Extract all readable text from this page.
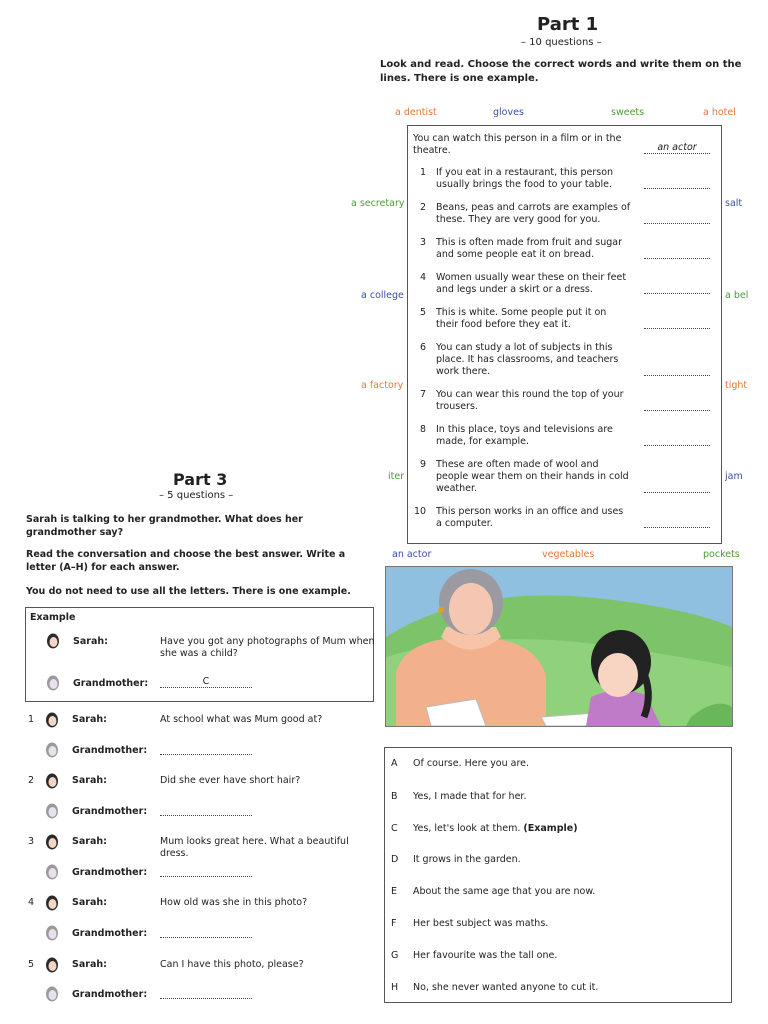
Part 1
– 10 questions –
Look and read. Choose the correct words and write them on the lines. There is one example.
a dentist	gloves	sweets	a hotel
a secretary
a college
a factory
iter
salt
a bel
tight
jam
an actor	vegetables	pockets
You can watch this person in a film or in the theatre.	an actor
1 If you eat in a restaurant, this person usually brings the food to your table.
2 Beans, peas and carrots are examples of these. They are very good for you.
3 This is often made from fruit and sugar and some people eat it on bread.
4 Women usually wear these on their feet and legs under a skirt or a dress.
5 This is white. Some people put it on their food before they eat it.
6 You can study a lot of subjects in this place. It has classrooms, and teachers work there.
7 You can wear this round the top of your trousers.
8 In this place, toys and televisions are made, for example.
9 These are often made of wool and people wear them on their hands in cold weather.
10 This person works in an office and uses a computer.
Part 3
– 5 questions –
Sarah is talking to her grandmother. What does her grandmother say?
Read the conversation and choose the best answer. Write a letter (A–H) for each answer.
You do not need to use all the letters. There is one example.
Example
Sarah:	Have you got any photographs of Mum when she was a child?
Grandmother:	C
1	Sarah:	At school what was Mum good at?
Grandmother:
2	Sarah:	Did she ever have short hair?
Grandmother:
3	Sarah:	Mum looks great here. What a beautiful dress.
Grandmother:
4	Sarah:	How old was she in this photo?
Grandmother:
5	Sarah:	Can I have this photo, please?
Grandmother:
A Of course. Here you are.
B Yes, I made that for her.
C Yes, let's look at them. (Example)
D It grows in the garden.
E About the same age that you are now.
F Her best subject was maths.
G Her favourite was the tall one.
H No, she never wanted anyone to cut it.
